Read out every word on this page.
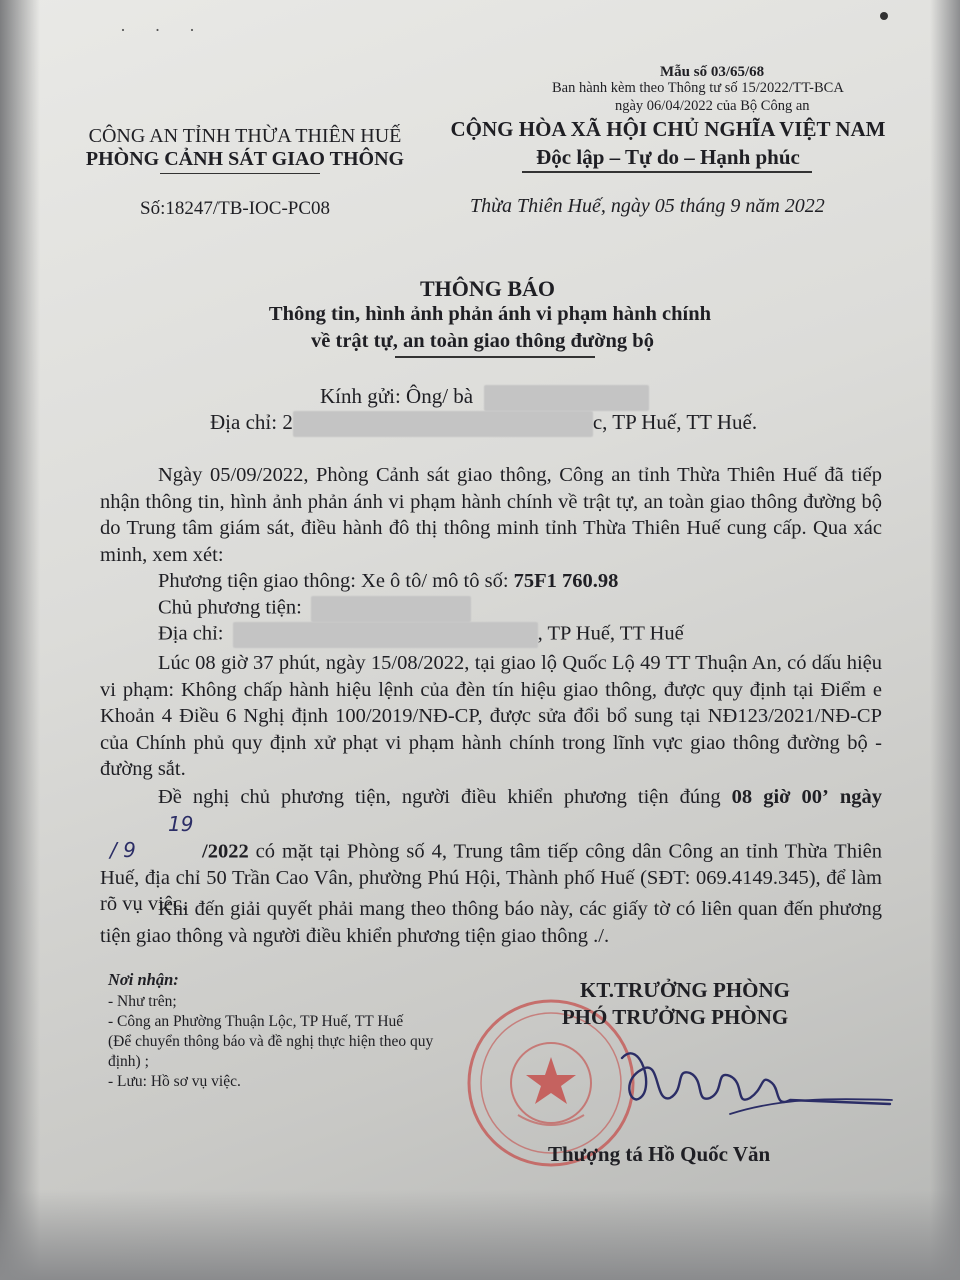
· · ·
Mẫu số 03/65/68
Ban hành kèm theo Thông tư số 15/2022/TT-BCA
ngày 06/04/2022 của Bộ Công an
CÔNG AN TỈNH THỪA THIÊN HUẾ
PHÒNG CẢNH SÁT GIAO THÔNG
Số:18247/TB-IOC-PC08
CỘNG HÒA XÃ HỘI CHỦ NGHĨA VIỆT NAM
Độc lập – Tự do – Hạnh phúc
Thừa Thiên Huế, ngày 05 tháng 9 năm 2022
THÔNG BÁO
Thông tin, hình ảnh phản ánh vi phạm hành chính
về trật tự, an toàn giao thông đường bộ
Kính gửi: Ông/ bà
Địa chỉ: 2	c, TP Huế, TT Huế.

Ngày 05/09/2022, Phòng Cảnh sát giao thông, Công an tỉnh Thừa Thiên Huế đã tiếp nhận thông tin, hình ảnh phản ánh vi phạm hành chính về trật tự, an toàn giao thông đường bộ do Trung tâm giám sát, điều hành đô thị thông minh tỉnh Thừa Thiên Huế cung cấp. Qua xác minh, xem xét:

Phương tiện giao thông: Xe ô tô/ mô tô số: 75F1 760.98
Chủ phương tiện:
Địa chỉ:	, TP Huế, TT Huế

Lúc 08 giờ 37 phút, ngày 15/08/2022, tại giao lộ Quốc Lộ 49 TT Thuận An, có dấu hiệu vi phạm: Không chấp hành hiệu lệnh của đèn tín hiệu giao thông, được quy định tại Điểm e Khoản 4 Điều 6 Nghị định 100/2019/NĐ-CP, được sửa đổi bổ sung tại NĐ123/2021/NĐ-CP của Chính phủ quy định xử phạt vi phạm hành chính trong lĩnh vực giao thông đường bộ - đường sắt.

Đề nghị chủ phương tiện, người điều khiển phương tiện đúng 08 giờ 00’ ngày 19 / 9	/2022 có mặt tại Phòng số 4, Trung tâm tiếp công dân Công an tỉnh Thừa Thiên Huế, địa chỉ 50 Trần Cao Vân, phường Phú Hội, Thành phố Huế (SĐT: 069.4149.345), để làm rõ vụ việc.

Khi đến giải quyết phải mang theo thông báo này, các giấy tờ có liên quan đến phương tiện giao thông và người điều khiển phương tiện giao thông ./.

Nơi nhận:
- Như trên;
- Công an Phường Thuận Lộc, TP Huế, TT Huế
(Để chuyển thông báo và đề nghị thực hiện theo quy định) ;
- Lưu: Hồ sơ vụ việc.
KT.TRƯỞNG PHÒNG
PHÓ TRƯỞNG PHÒNG
Thượng tá Hồ Quốc Văn
